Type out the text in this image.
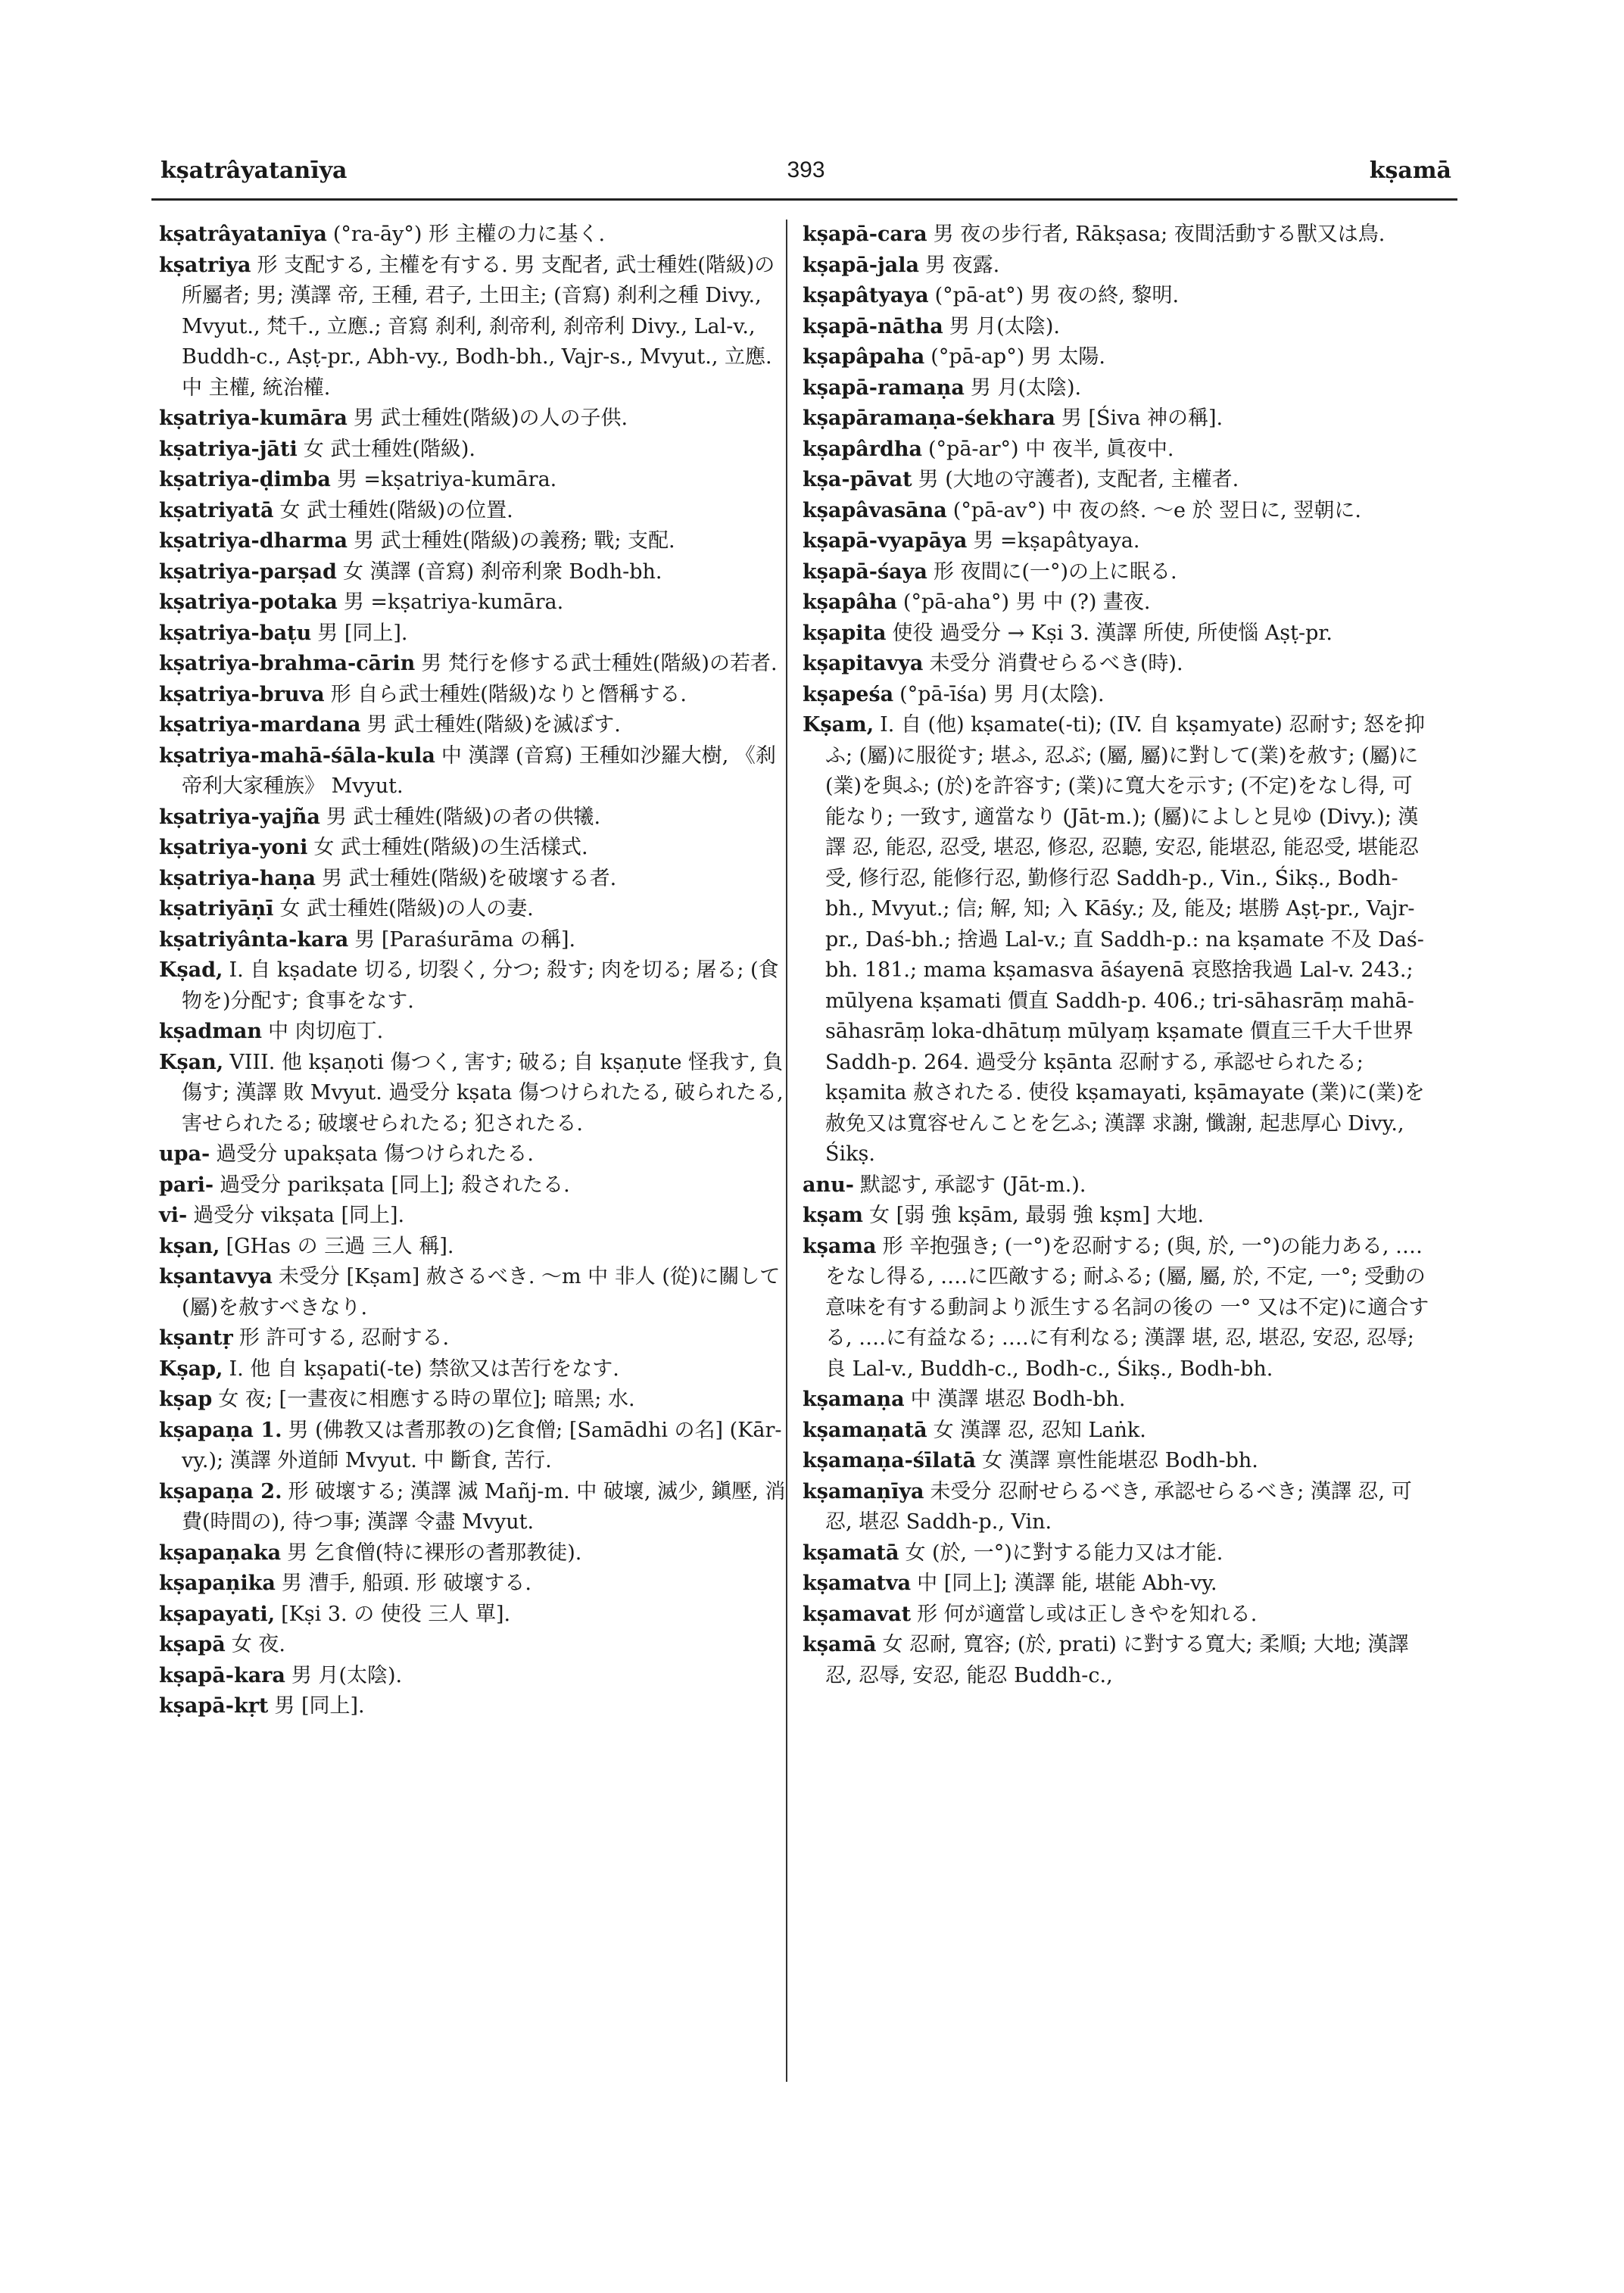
kṣatrâyatanīya	393	kṣamā
kṣatrâyatanīya (°ra-āy°) 形 主權の力に基く.
kṣatriya 形 支配する, 主權を有する. 男 支配者, 武士種姓(階級)の所屬者; 男; 漢譯 帝, 王種, 君子, 土田主; (音寫) 刹利之種 Divy., Mvyut., 梵千., 立應.; 音寫 刹利, 刹帝利, 刹帝利 Divy., Lal-v., Buddh-c., Aṣṭ-pr., Abh-vy., Bodh-bh., Vajr-s., Mvyut., 立應. 中 主權, 統治權.
kṣatriya-kumāra 男 武士種姓(階級)の人の子供.
kṣatriya-jāti 女 武士種姓(階級).
kṣatriya-ḍimba 男 =kṣatriya-kumāra.
kṣatriyatā 女 武士種姓(階級)の位置.
kṣatriya-dharma 男 武士種姓(階級)の義務; 戰; 支配.
kṣatriya-parṣad 女 漢譯 (音寫) 刹帝利衆 Bodh-bh.
kṣatriya-potaka 男 =kṣatriya-kumāra.
kṣatriya-baṭu 男 [同上].
kṣatriya-brahma-cārin 男 梵行を修する武士種姓(階級)の若者.
kṣatriya-bruva 形 自ら武士種姓(階級)なりと僭稱する.
kṣatriya-mardana 男 武士種姓(階級)を滅ぼす.
kṣatriya-mahā-śāla-kula 中 漢譯 (音寫) 王種如沙羅大樹, 《刹帝利大家種族》 Mvyut.
kṣatriya-yajña 男 武士種姓(階級)の者の供犧.
kṣatriya-yoni 女 武士種姓(階級)の生活樣式.
kṣatriya-haṇa 男 武士種姓(階級)を破壞する者.
kṣatriyāṇī 女 武士種姓(階級)の人の妻.
kṣatriyânta-kara 男 [Paraśurāma の稱].
Kṣad, I. 自 kṣadate 切る, 切裂く, 分つ; 殺す; 肉を切る; 屠る; (食物を)分配す; 食事をなす.
kṣadman 中 肉切庖丁.
Kṣan, VIII. 他 kṣaṇoti 傷つく, 害す; 破る; 自 kṣaṇute 怪我す, 負傷す; 漢譯 敗 Mvyut. 過受分 kṣata 傷つけられたる, 破られたる, 害せられたる; 破壞せられたる; 犯されたる.
upa- 過受分 upakṣata 傷つけられたる.
pari- 過受分 parikṣata [同上]; 殺されたる.
vi- 過受分 vikṣata [同上].
kṣan, [GHas の 三過 三人 稱].
kṣantavya 未受分 [Kṣam] 赦さるべき. 〜m 中 非人 (從)に關して(屬)を赦すべきなり.
kṣantṛ 形 許可する, 忍耐する.
Kṣap, I. 他 自 kṣapati(-te) 禁欲又は苦行をなす.
kṣap 女 夜; [一晝夜に相應する時の單位]; 暗黑; 水.
kṣapaṇa 1. 男 (佛教又は耆那教の)乞食僧; [Samādhi の名] (Kār-vy.); 漢譯 外道師 Mvyut. 中 斷食, 苦行.
kṣapaṇa 2. 形 破壞する; 漢譯 滅 Mañj-m. 中 破壞, 滅少, 鎭壓, 消費(時間の), 待つ事; 漢譯 令盡 Mvyut.
kṣapaṇaka 男 乞食僧(特に裸形の耆那教徒).
kṣapaṇika 男 漕手, 船頭. 形 破壞する.
kṣapayati, [Kṣi 3. の 使役 三人 單].
kṣapā 女 夜.
kṣapā-kara 男 月(太陰).
kṣapā-kṛt 男 [同上].
kṣapā-cara 男 夜の步行者, Rākṣasa; 夜間活動する獸又は鳥.
kṣapā-jala 男 夜露.
kṣapâtyaya (°pā-at°) 男 夜の終, 黎明.
kṣapā-nātha 男 月(太陰).
kṣapâpaha (°pā-ap°) 男 太陽.
kṣapā-ramaṇa 男 月(太陰).
kṣapāramaṇa-śekhara 男 [Śiva 神の稱].
kṣapârdha (°pā-ar°) 中 夜半, 眞夜中.
kṣa-pāvat 男 (大地の守護者), 支配者, 主權者.
kṣapâvasāna (°pā-av°) 中 夜の終. 〜e 於 翌日に, 翌朝に.
kṣapā-vyapāya 男 =kṣapâtyaya.
kṣapā-śaya 形 夜間に(一°)の上に眠る.
kṣapâha (°pā-aha°) 男 中 (?) 晝夜.
kṣapita 使役 過受分 → Kṣi 3. 漢譯 所使, 所使惱 Aṣṭ-pr.
kṣapitavya 未受分 消費せらるべき(時).
kṣapeśa (°pā-īśa) 男 月(太陰).
Kṣam, I. 自 (他) kṣamate(-ti); (IV. 自 kṣamyate) 忍耐す; 怒を抑ふ; (屬)に服從す; 堪ふ, 忍ぶ; (屬, 屬)に對して(業)を赦す; (屬)に(業)を與ふ; (於)を許容す; (業)に寬大を示す; (不定)をなし得, 可能なり; 一致す, 適當なり (Jāt-m.); (屬)によしと見ゆ (Divy.); 漢譯 忍, 能忍, 忍受, 堪忍, 修忍, 忍聽, 安忍, 能堪忍, 能忍受, 堪能忍受, 修行忍, 能修行忍, 勤修行忍 Saddh-p., Vin., Śikṣ., Bodh-bh., Mvyut.; 信; 解, 知; 入 Kāśy.; 及, 能及; 堪勝 Aṣṭ-pr., Vajr-pr., Daś-bh.; 捨過 Lal-v.; 直 Saddh-p.: na kṣamate 不及 Daś-bh. 181.; mama kṣamasva āśayenā 哀愍捨我過 Lal-v. 243.; mūlyena kṣamati 價直 Saddh-p. 406.; tri-sāhasrāṃ mahā-sāhasrāṃ loka-dhātuṃ mūlyaṃ kṣamate 價直三千大千世界 Saddh-p. 264. 過受分 kṣānta 忍耐する, 承認せられたる; kṣamita 赦されたる. 使役 kṣamayati, kṣāmayate (業)に(業)を赦免又は寬容せんことを乞ふ; 漢譯 求謝, 懺謝, 起悲厚心 Divy., Śikṣ.
anu- 默認す, 承認す (Jāt-m.).
kṣam 女 [弱 強 kṣām, 最弱 強 kṣm] 大地.
kṣama 形 辛抱强き; (一°)を忍耐する; (與, 於, 一°)の能力ある, ‥‥をなし得る, ‥‥に匹敵する; 耐ふる; (屬, 屬, 於, 不定, 一°; 受動の意味を有する動詞より派生する名詞の後の 一° 又は不定)に適合する, ‥‥に有益なる; ‥‥に有利なる; 漢譯 堪, 忍, 堪忍, 安忍, 忍辱; 良 Lal-v., Buddh-c., Bodh-c., Śikṣ., Bodh-bh.
kṣamaṇa 中 漢譯 堪忍 Bodh-bh.
kṣamaṇatā 女 漢譯 忍, 忍知 Laṅk.
kṣamaṇa-śīlatā 女 漢譯 禀性能堪忍 Bodh-bh.
kṣamaṇīya 未受分 忍耐せらるべき, 承認せらるべき; 漢譯 忍, 可忍, 堪忍 Saddh-p., Vin.
kṣamatā 女 (於, 一°)に對する能力又は才能.
kṣamatva 中 [同上]; 漢譯 能, 堪能 Abh-vy.
kṣamavat 形 何が適當し或は正しきやを知れる.
kṣamā 女 忍耐, 寬容; (於, prati) に對する寬大; 柔順; 大地; 漢譯 忍, 忍辱, 安忍, 能忍 Buddh-c.,
